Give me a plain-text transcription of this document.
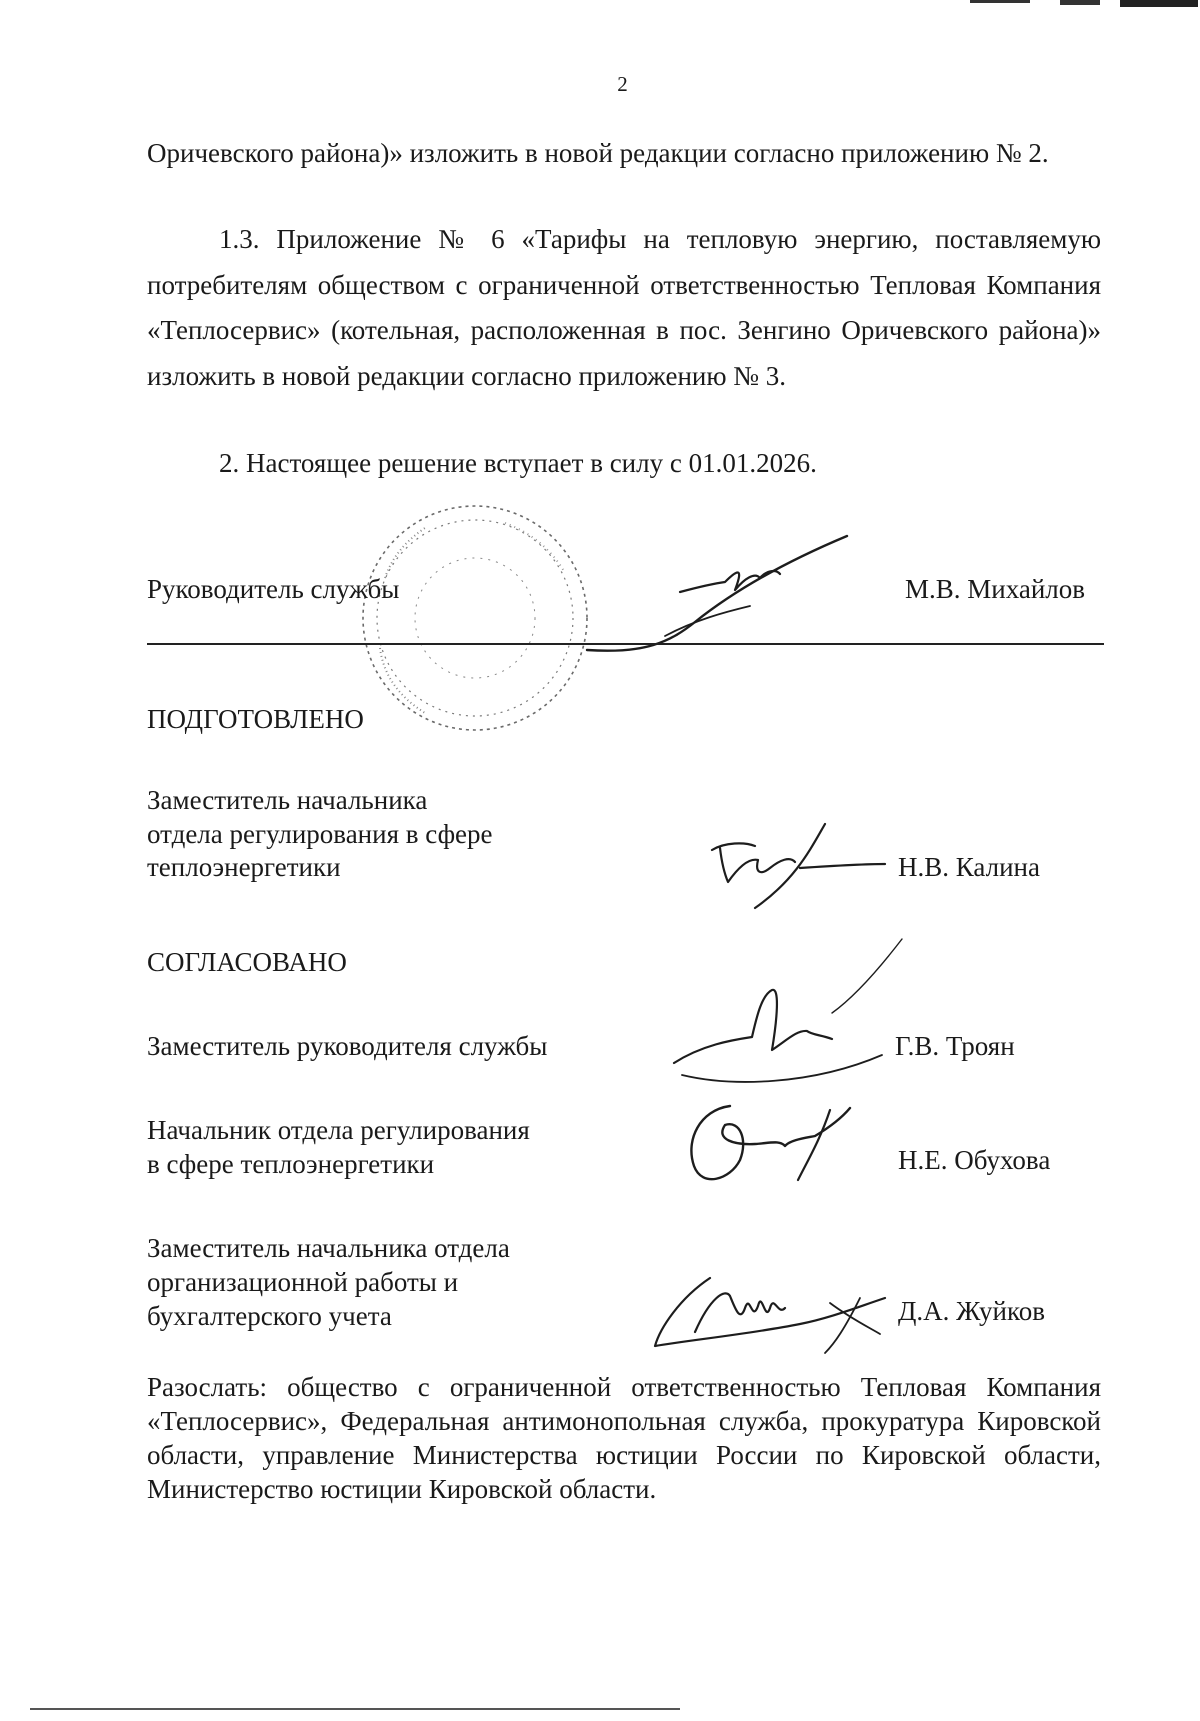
2

Оричевского района)» изложить в новой редакции согласно приложению № 2.

1.3. Приложение № 6 «Тарифы на тепловую энергию, поставляемую потребителям обществом с ограниченной ответственностью Тепловая Компания «Теплосервис» (котельная, расположенная в пос. Зенгино Оричевского района)» изложить в новой редакции согласно приложению № 3.

2. Настоящее решение вступает в силу с 01.01.2026.

Руководитель службы	М.В. Михайлов
ПОДГОТОВЛЕНО
Заместитель начальника
отдела регулирования в сфере
теплоэнергетики	Н.В. Калина
СОГЛАСОВАНО
Заместитель руководителя службы	Г.В. Троян
Начальник отдела регулирования
в сфере теплоэнергетики	Н.Е. Обухова
Заместитель начальника отдела
организационной работы и
бухгалтерского учета	Д.А. Жуйков

Разослать: общество с ограниченной ответственностью Тепловая Компания «Теплосервис», Федеральная антимонопольная служба, прокуратура Кировской области, управление Министерства юстиции России по Кировской области, Министерство юстиции Кировской области.
